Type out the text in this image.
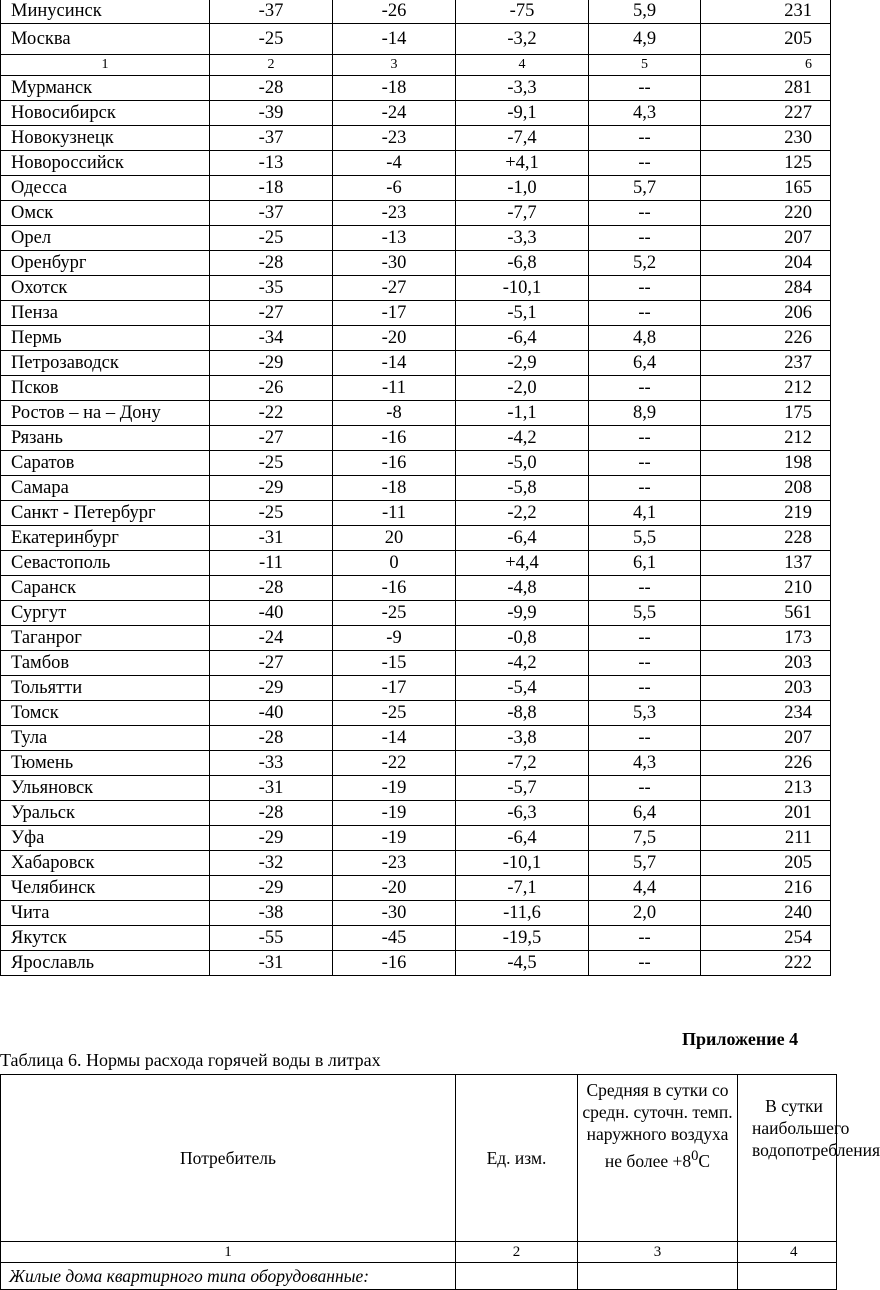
Минусинск	-37	-26	-75	5,9	231
Москва	-25	-14	-3,2	4,9	205
1	2	3	4	5	6
Мурманск	-28	-18	-3,3	--	281
Новосибирск	-39	-24	-9,1	4,3	227
Новокузнецк	-37	-23	-7,4	--	230
Новороссийск	-13	-4	+4,1	--	125
Одесса	-18	-6	-1,0	5,7	165
Омск	-37	-23	-7,7	--	220
Орел	-25	-13	-3,3	--	207
Оренбург	-28	-30	-6,8	5,2	204
Охотск	-35	-27	-10,1	--	284
Пенза	-27	-17	-5,1	--	206
Пермь	-34	-20	-6,4	4,8	226
Петрозаводск	-29	-14	-2,9	6,4	237
Псков	-26	-11	-2,0	--	212
Ростов – на – Дону	-22	-8	-1,1	8,9	175
Рязань	-27	-16	-4,2	--	212
Саратов	-25	-16	-5,0	--	198
Самара	-29	-18	-5,8	--	208
Санкт - Петербург	-25	-11	-2,2	4,1	219
Екатеринбург	-31	20	-6,4	5,5	228
Севастополь	-11	0	+4,4	6,1	137
Саранск	-28	-16	-4,8	--	210
Сургут	-40	-25	-9,9	5,5	561
Таганрог	-24	-9	-0,8	--	173
Тамбов	-27	-15	-4,2	--	203
Тольятти	-29	-17	-5,4	--	203
Томск	-40	-25	-8,8	5,3	234
Тула	-28	-14	-3,8	--	207
Тюмень	-33	-22	-7,2	4,3	226
Ульяновск	-31	-19	-5,7	--	213
Уральск	-28	-19	-6,3	6,4	201
Уфа	-29	-19	-6,4	7,5	211
Хабаровск	-32	-23	-10,1	5,7	205
Челябинск	-29	-20	-7,1	4,4	216
Чита	-38	-30	-11,6	2,0	240
Якутск	-55	-45	-19,5	--	254
Ярославль	-31	-16	-4,5	--	222
Приложение 4
Таблица 6. Нормы расхода горячей воды в литрах
Потребитель	Ед. изм.	Средняя в сутки со средн. суточн. темп. наружного воздуха не более $+8^0С$	В сутки наибольшего водопотребления
1	2	3	4
Жилые дома квартирного типа оборудованные:			
